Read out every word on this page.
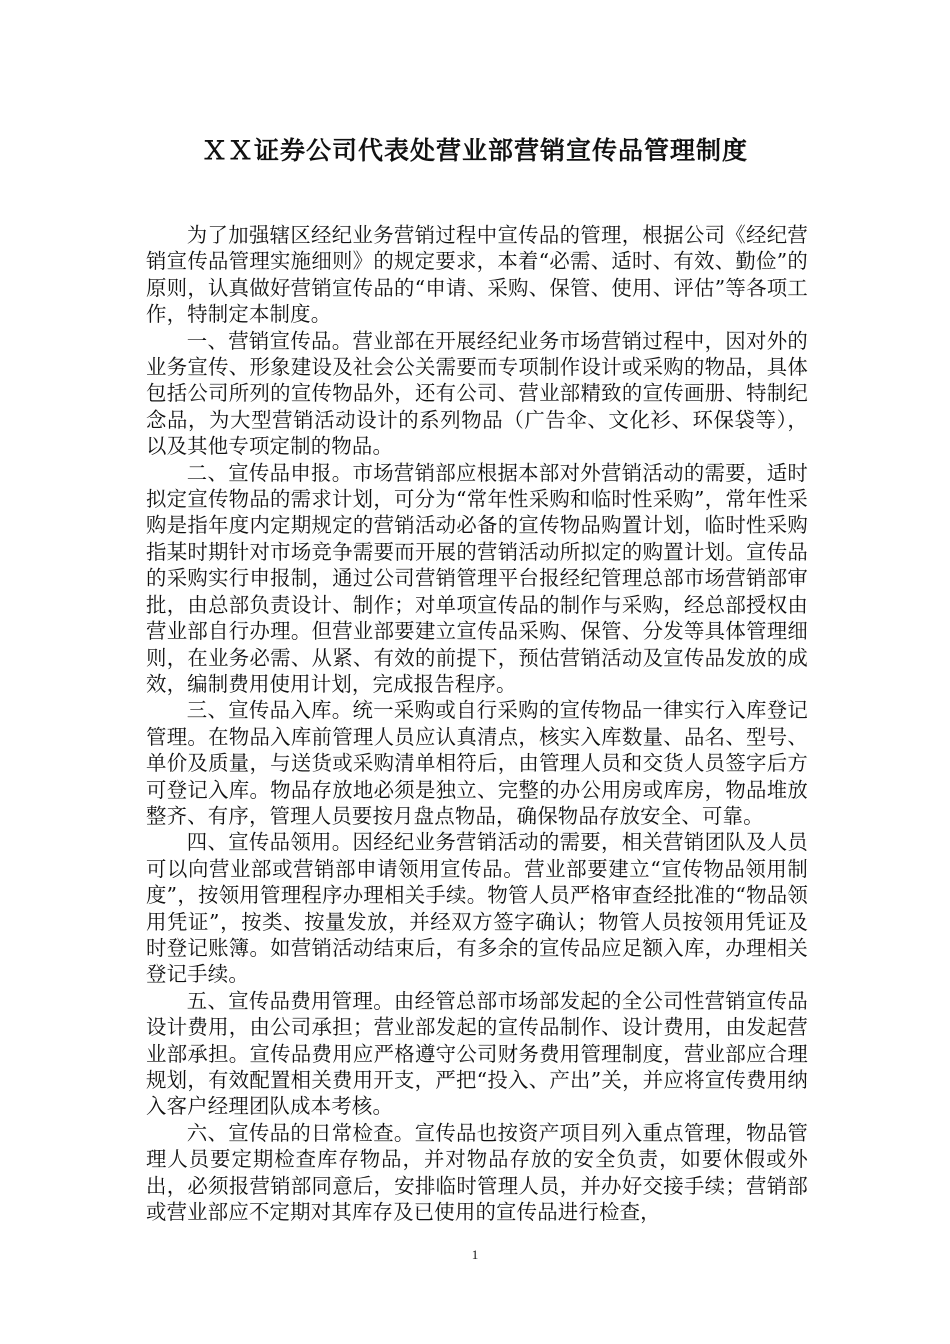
ＸＸ证券公司代表处营业部营销宣传品管理制度

为了加强辖区经纪业务营销过程中宣传品的管理，根据公司《经纪营销宣传品管理实施细则》的规定要求，本着“必需、适时、有效、勤俭”的原则，认真做好营销宣传品的“申请、采购、保管、使用、评估”等各项工作，特制定本制度。

一、营销宣传品。营业部在开展经纪业务市场营销过程中，因对外的业务宣传、形象建设及社会公关需要而专项制作设计或采购的物品，具体包括公司所列的宣传物品外，还有公司、营业部精致的宣传画册、特制纪念品，为大型营销活动设计的系列物品（广告伞、文化衫、环保袋等），以及其他专项定制的物品。

二、宣传品申报。市场营销部应根据本部对外营销活动的需要，适时拟定宣传物品的需求计划，可分为“常年性采购和临时性采购”，常年性采购是指年度内定期规定的营销活动必备的宣传物品购置计划，临时性采购指某时期针对市场竞争需要而开展的营销活动所拟定的购置计划。宣传品的采购实行申报制，通过公司营销管理平台报经纪管理总部市场营销部审批，由总部负责设计、制作；对单项宣传品的制作与采购，经总部授权由营业部自行办理。但营业部要建立宣传品采购、保管、分发等具体管理细则，在业务必需、从紧、有效的前提下，预估营销活动及宣传品发放的成效，编制费用使用计划，完成报告程序。

三、宣传品入库。统一采购或自行采购的宣传物品一律实行入库登记管理。在物品入库前管理人员应认真清点，核实入库数量、品名、型号、单价及质量，与送货或采购清单相符后，由管理人员和交货人员签字后方可登记入库。物品存放地必须是独立、完整的办公用房或库房，物品堆放整齐、有序，管理人员要按月盘点物品，确保物品存放安全、可靠。

四、宣传品领用。因经纪业务营销活动的需要，相关营销团队及人员可以向营业部或营销部申请领用宣传品。营业部要建立“宣传物品领用制度”，按领用管理程序办理相关手续。物管人员严格审查经批准的“物品领用凭证”，按类、按量发放，并经双方签字确认；物管人员按领用凭证及时登记账簿。如营销活动结束后，有多余的宣传品应足额入库，办理相关登记手续。

五、宣传品费用管理。由经管总部市场部发起的全公司性营销宣传品设计费用，由公司承担；营业部发起的宣传品制作、设计费用，由发起营业部承担。宣传品费用应严格遵守公司财务费用管理制度，营业部应合理规划，有效配置相关费用开支，严把“投入、产出”关，并应将宣传费用纳入客户经理团队成本考核。

六、宣传品的日常检查。宣传品也按资产项目列入重点管理，物品管理人员要定期检查库存物品，并对物品存放的安全负责，如要休假或外出，必须报营销部同意后，安排临时管理人员，并办好交接手续；营销部或营业部应不定期对其库存及已使用的宣传品进行检查，

1
